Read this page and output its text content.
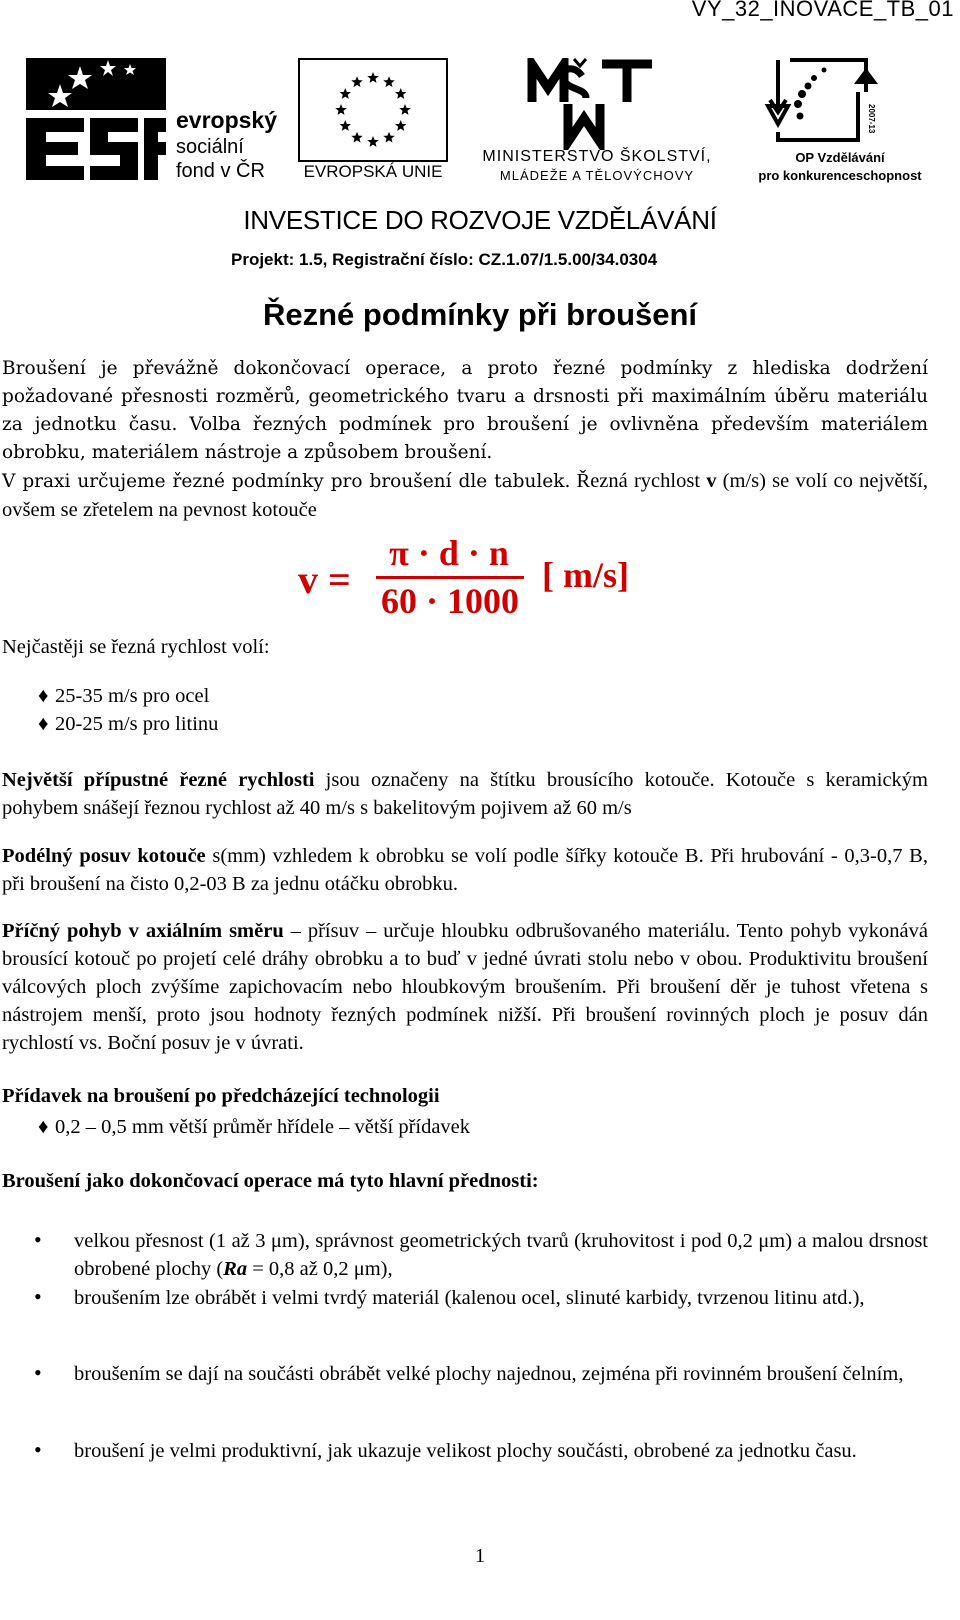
VY_32_INOVACE_TB_01
evropský
sociální
fond v ČR	EVROPSKÁ UNIE
MINISTERSTVO ŠKOLSTVÍ,
MLÁDEŽE A TĚLOVÝCHOVY
2007-13
OP Vzdělávání
pro konkurenceschopnost
INVESTICE DO ROZVOJE VZDĚLÁVÁNÍ
Projekt: 1.5, Registrační číslo: CZ.1.07/1.5.00/34.0304
Řezné podmínky při broušení
Broušení je převážně dokončovací operace, a proto řezné podmínky z hlediska dodržení požadované přesnosti rozměrů, geometrického tvaru a drsnosti při maximálním úběru materiálu za jednotku času. Volba řezných podmínek pro broušení je ovlivněna především materiálem obrobku, materiálem nástroje a způsobem broušení.
V praxi určujeme řezné podmínky pro broušení dle tabulek. Řezná rychlost v (m/s) se volí co největší, ovšem se zřetelem na pevnost kotouče
v =
π · d · n
60 · 1000
[ m/s]
Nejčastěji se řezná rychlost volí:
♦ 25-35 m/s pro ocel
♦ 20-25 m/s pro litinu
Největší přípustné řezné rychlosti jsou označeny na štítku brousícího kotouče. Kotouče s keramickým pohybem snášejí řeznou rychlost až 40 m/s s bakelitovým pojivem až 60 m/s
Podélný posuv kotouče s(mm) vzhledem k obrobku se volí podle šířky kotouče B. Při hrubování - 0,3-0,7 B, při broušení na čisto 0,2-03 B za jednu otáčku obrobku.
Příčný pohyb v axiálním směru – přísuv – určuje hloubku odbrušovaného materiálu. Tento pohyb vykonává brousící kotouč po projetí celé dráhy obrobku a to buď v jedné úvrati stolu nebo v obou. Produktivitu broušení válcových ploch zvýšíme zapichovacím nebo hloubkovým broušením. Při broušení děr je tuhost vřetena s nástrojem menší, proto jsou hodnoty řezných podmínek nižší. Při broušení rovinných ploch je posuv dán rychlostí vs. Boční posuv je v úvrati.
Přídavek na broušení po předcházející technologii
♦ 0,2 – 0,5 mm větší průměr hřídele – větší přídavek
Broušení jako dokončovací operace má tyto hlavní přednosti:
• velkou přesnost (1 až 3 μm), správnost geometrických tvarů (kruhovitost i pod 0,2 μm) a malou drsnost obrobené plochy (Ra = 0,8 až 0,2 μm),
• broušením lze obrábět i velmi tvrdý materiál (kalenou ocel, slinuté karbidy, tvrzenou litinu atd.),
• broušením se dají na součásti obrábět velké plochy najednou, zejména při rovinném broušení čelním,
• broušení je velmi produktivní, jak ukazuje velikost plochy součásti, obrobené za jednotku času.
1
